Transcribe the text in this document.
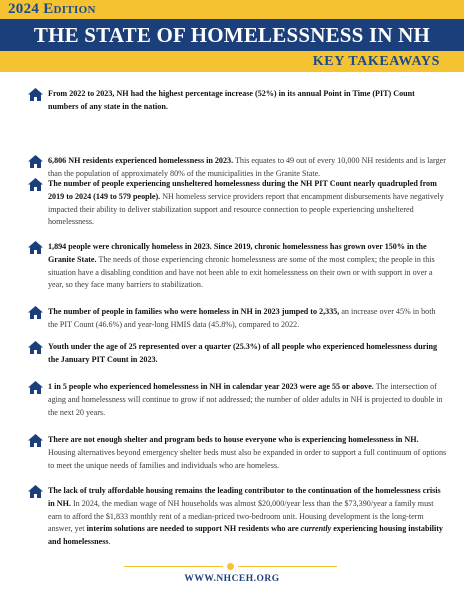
2024 Edition
THE STATE OF HOMELESSNESS IN NH
KEY TAKEAWAYS

From 2022 to 2023, NH had the highest percentage increase (52%) in its annual Point in Time (PIT) Count numbers of any state in the nation.

6,806 NH residents experienced homelessness in 2023. This equates to 49 out of every 10,000 NH residents and is larger than the population of approximately 80% of the municipalities in the Granite State.

The number of people experiencing unsheltered homelessness during the NH PIT Count nearly quadrupled from 2019 to 2024 (149 to 579 people). NH homeless service providers report that encampment disbursements have negatively impacted their ability to deliver stabilization support and resource connection to people experiencing unsheltered homelessness.

1,894 people were chronically homeless in 2023. Since 2019, chronic homelessness has grown over 150% in the Granite State. The needs of those experiencing chronic homelessness are some of the most complex; the people in this situation have a disabling condition and have not been able to exit homelessness on their own or with support in over a year, so they face many barriers to stabilization.

The number of people in families who were homeless in NH in 2023 jumped to 2,335, an increase over 45% in both the PIT Count (46.6%) and year-long HMIS data (45.8%), compared to 2022.

Youth under the age of 25 represented over a quarter (25.3%) of all people who experienced homelessness during the January PIT Count in 2023.

1 in 5 people who experienced homelessness in NH in calendar year 2023 were age 55 or above. The intersection of aging and homelessness will continue to grow if not addressed; the number of older adults in NH is projected to double in the next 20 years.

There are not enough shelter and program beds to house everyone who is experiencing homelessness in NH. Housing alternatives beyond emergency shelter beds must also be expanded in order to support a full continuum of options to meet the unique needs of families and individuals who are homeless.

The lack of truly affordable housing remains the leading contributor to the continuation of the homelessness crisis in NH. In 2024, the median wage of NH households was almost $20,000/year less than the $73,390/year a family must earn to afford the $1,833 monthly rent of a median-priced two-bedroom unit. Housing development is the long-term answer, yet interim solutions are needed to support NH residents who are currently experiencing housing instability and homelessness.

WWW.NHCEH.ORG
